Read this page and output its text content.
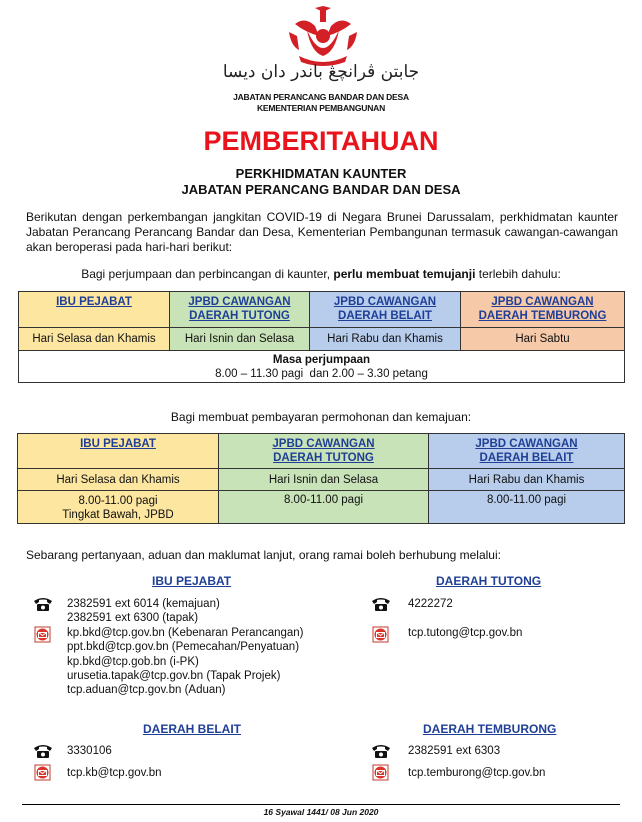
جابتن ڤرانچڠ باندر دان ديسا
JABATAN PERANCANG BANDAR DAN DESA
KEMENTERIAN PEMBANGUNAN
PEMBERITAHUAN
PERKHIDMATAN KAUNTER
JABATAN PERANCANG BANDAR DAN DESA
Berikutan dengan perkembangan jangkitan COVID-19 di Negara Brunei Darussalam, perkhidmatan kaunter Jabatan Perancang Perancang Bandar dan Desa, Kementerian Pembangunan termasuk cawangan-cawangan akan beroperasi pada hari-hari berikut:
Bagi perjumpaan dan perbincangan di kaunter, perlu membuat temujanji terlebih dahulu:
IBU PEJABAT	JPBD CAWANGAN DAERAH TUTONG	JPBD CAWANGAN DAERAH BELAIT	JPBD CAWANGAN DAERAH TEMBURONG
Hari Selasa dan Khamis	Hari Isnin dan Selasa	Hari Rabu dan Khamis	Hari Sabtu

Masa perjumpaan
8.00 – 11.30 pagi  dan 2.00 – 3.30 petang			
Bagi membuat pembayaran permohonan dan kemajuan:
IBU PEJABAT	JPBD CAWANGAN DAERAH TUTONG	JPBD CAWANGAN DAERAH BELAIT
Hari Selasa dan Khamis	Hari Isnin dan Selasa	Hari Rabu dan Khamis

8.00-11.00 pagi
Tingkat Bawah, JPBD	8.00-11.00 pagi	8.00-11.00 pagi
Sebarang pertanyaan, aduan dan maklumat lanjut, orang ramai boleh berhubung melalui:
IBU PEJABAT
2382591 ext 6014 (kemajuan)
2382591 ext 6300 (tapak)
kp.bkd@tcp.gov.bn (Kebenaran Perancangan)
ppt.bkd@tcp.gov.bn (Pemecahan/Penyatuan)
kp.bkd@tcp.gob.bn (i-PK)
urusetia.tapak@tcp.gov.bn (Tapak Projek)
tcp.aduan@tcp.gov.bn (Aduan)
DAERAH TUTONG
4222272
tcp.tutong@tcp.gov.bn
DAERAH BELAIT
3330106
tcp.kb@tcp.gov.bn
DAERAH TEMBURONG
2382591 ext 6303
tcp.temburong@tcp.gov.bn
16 Syawal 1441/ 08 Jun 2020
